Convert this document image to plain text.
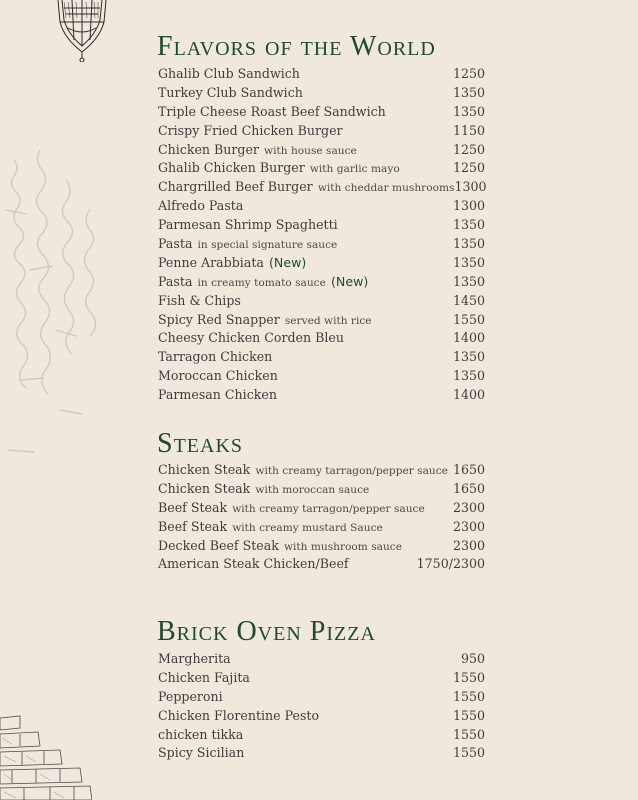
Flavors of the World
Ghalib Club Sandwich	1250
Turkey Club Sandwich	1350
Triple Cheese Roast Beef Sandwich	1350
Crispy Fried Chicken Burger	1150
Chicken Burger with house sauce	1250
Ghalib Chicken Burger with garlic mayo	1250
Chargrilled Beef Burger with cheddar mushrooms 1300
Alfredo Pasta	1300
Parmesan Shrimp Spaghetti	1350
Pasta in special signature sauce	1350
Penne Arabbiata (New)	1350
Pasta in creamy tomato sauce (New)	1350
Fish & Chips	1450
Spicy Red Snapper served with rice	1550
Cheesy Chicken Corden Bleu	1400
Tarragon Chicken	1350
Moroccan Chicken	1350
Parmesan Chicken	1400
Steaks
Chicken Steak with creamy tarragon/pepper sauce 1650
Chicken Steak with moroccan sauce	1650
Beef Steak with creamy tarragon/pepper sauce 2300
Beef Steak with creamy mustard Sauce	2300
Decked Beef Steak with mushroom sauce	2300
American Steak Chicken/Beef	1750/2300
Brick Oven Pizza
Margherita	950
Chicken Fajita	1550
Pepperoni	1550
Chicken Florentine Pesto	1550
chicken tikka	1550
Spicy Sicilian	1550
